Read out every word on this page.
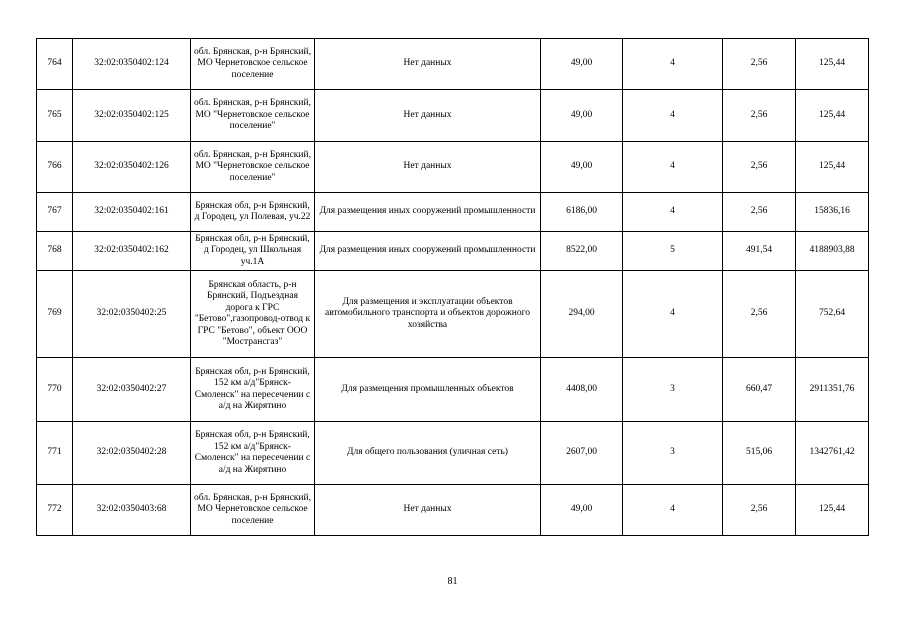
764	32:02:0350402:124	обл. Брянская, р-н Брянский, МО Чернетовское сельское поселение	Нет данных	49,00	4	2,56	125,44
765	32:02:0350402:125	обл. Брянская, р-н Брянский, МО "Чернетовское сельское поселение"	Нет данных	49,00	4	2,56	125,44
766	32:02:0350402:126	обл. Брянская, р-н Брянский, МО "Чернетовское сельское поселение"	Нет данных	49,00	4	2,56	125,44
767	32:02:0350402:161	Брянская обл, р-н Брянский, д Городец, ул Полевая, уч.22	Для размещения иных сооружений промышленности	6186,00	4	2,56	15836,16
768	32:02:0350402:162	Брянская обл, р-н Брянский, д Городец, ул Школьная уч.1А	Для размещения иных сооружений промышленности	8522,00	5	491,54	4188903,88
769	32:02:0350402:25	Брянская область, р-н Брянский, Подъездная дорога к ГРС "Бетово",газопровод-отвод к ГРС "Бетово", объект ООО "Мострансгаз"	Для размещения и эксплуатации объектов автомобильного транспорта и объектов дорожного хозяйства	294,00	4	2,56	752,64
770	32:02:0350402:27	Брянская обл, р-н Брянский, 152 км а/д"Брянск-Смоленск" на пересечении с а/д на Жирятино	Для размещения промышленных объектов	4408,00	3	660,47	2911351,76
771	32:02:0350402:28	Брянская обл, р-н Брянский, 152 км а/д"Брянск-Смоленск" на пересечении с а/д на Жирятино	Для общего пользования (уличная сеть)	2607,00	3	515,06	1342761,42
772	32:02:0350403:68	обл. Брянская, р-н Брянский, МО Чернетовское сельское поселение	Нет данных	49,00	4	2,56	125,44
81
